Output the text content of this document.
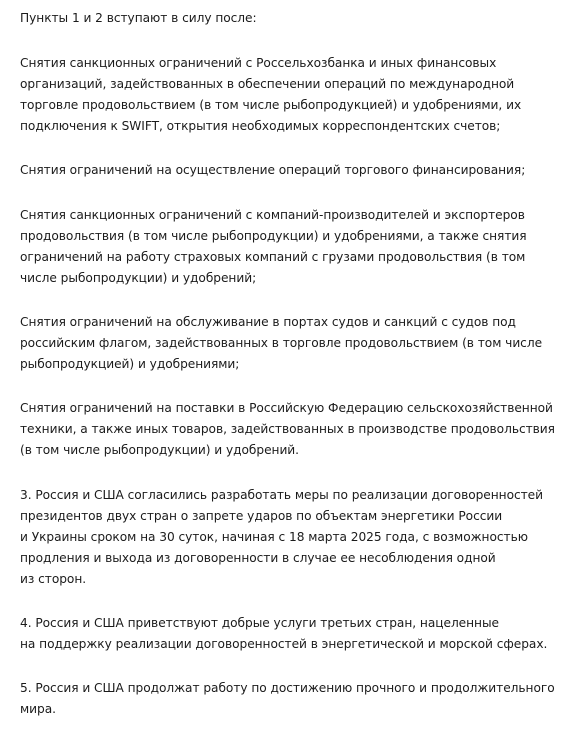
Пункты 1 и 2 вступают в силу после:
Снятия санкционных ограничений с Россельхозбанка и иных финансовых
организаций, задействованных в обеспечении операций по международной
торговле продовольствием (в том числе рыбопродукцией) и удобрениями, их
подключения к SWIFT, открытия необходимых корреспондентских счетов;
Снятия ограничений на осуществление операций торгового финансирования;
Снятия санкционных ограничений с компаний-производителей и экспортеров
продовольствия (в том числе рыбопродукции) и удобрениями, а также снятия
ограничений на работу страховых компаний с грузами продовольствия (в том
числе рыбопродукции) и удобрений;
Снятия ограничений на обслуживание в портах судов и санкций с судов под
российским флагом, задействованных в торговле продовольствием (в том числе
рыбопродукцией) и удобрениями;
Снятия ограничений на поставки в Российскую Федерацию сельскохозяйственной
техники, а также иных товаров, задействованных в производстве продовольствия
(в том числе рыбопродукции) и удобрений.
3. Россия и США согласились разработать меры по реализации договоренностей
президентов двух стран о запрете ударов по объектам энергетики России
и Украины сроком на 30 суток, начиная с 18 марта 2025 года, с возможностью
продления и выхода из договоренности в случае ее несоблюдения одной
из сторон.
4. Россия и США приветствуют добрые услуги третьих стран, нацеленные
на поддержку реализации договоренностей в энергетической и морской сферах.
5. Россия и США продолжат работу по достижению прочного и продолжительного
мира.
